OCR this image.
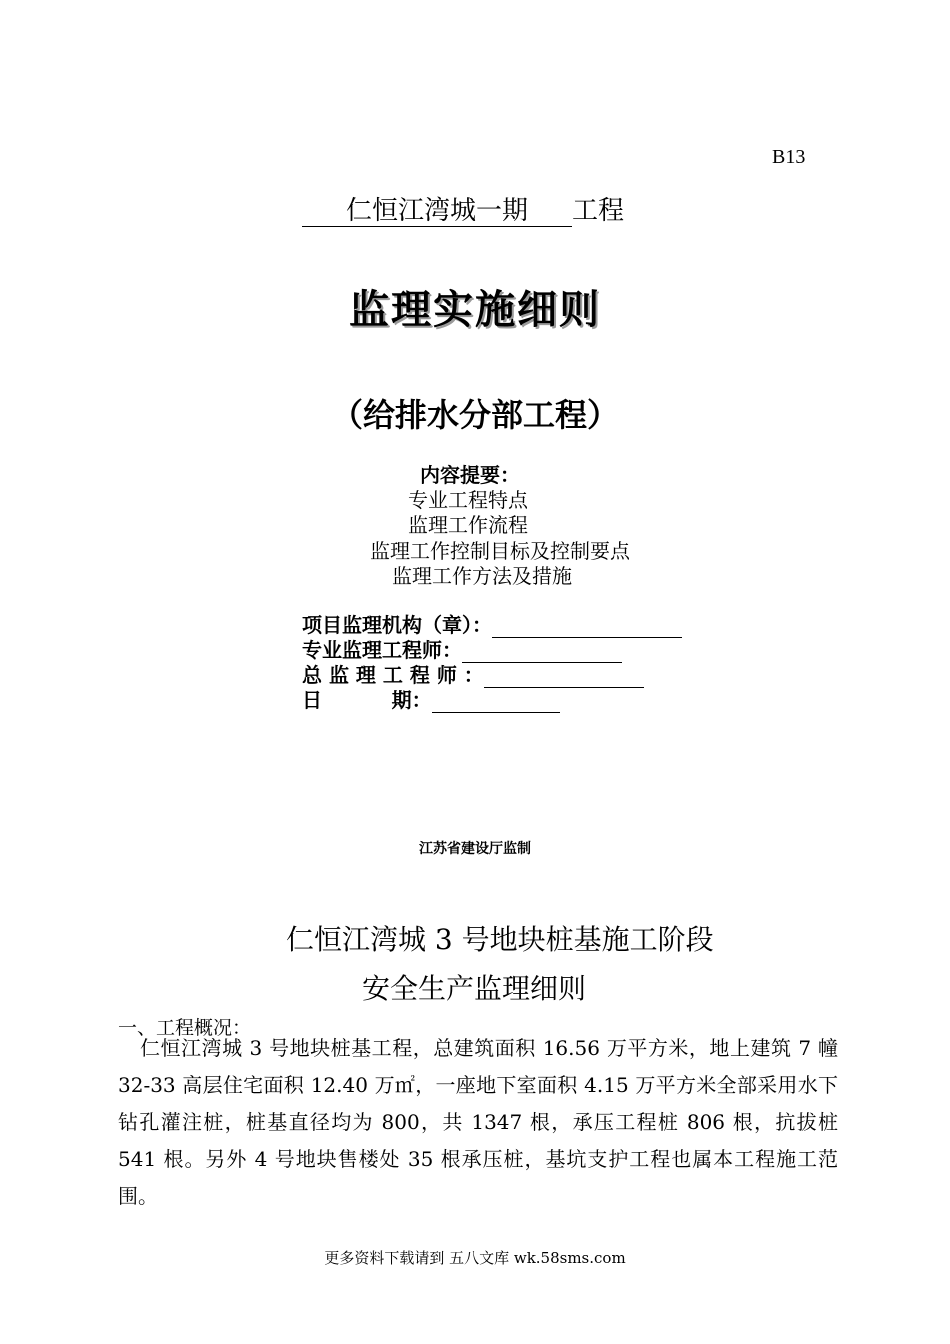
B13
仁恒江湾城一期 工程
监理实施细则
（给排水分部工程）
内容提要：
专业工程特点
监理工作流程
监理工作控制目标及控制要点
监理工作方法及措施
项目监理机构（章）：
专业监理工程师：
总 监 理 工 程 师 ：
日          期：
江苏省建设厅监制
仁恒江湾城 3 号地块桩基施工阶段
安全生产监理细则
一、工程概况：
仁恒江湾城 3 号地块桩基工程，总建筑面积 16.56 万平方米，地上建筑 7 幢 32-33 高层住宅面积 12.40 万㎡，一座地下室面积 4.15 万平方米全部采用水下钻孔灌注桩，桩基直径均为 800，共 1347 根，承压工程桩 806 根，抗拔桩 541 根。另外 4 号地块售楼处 35 根承压桩，基坑支护工程也属本工程施工范围。
更多资料下载请到 五八文库 wk.58sms.com
